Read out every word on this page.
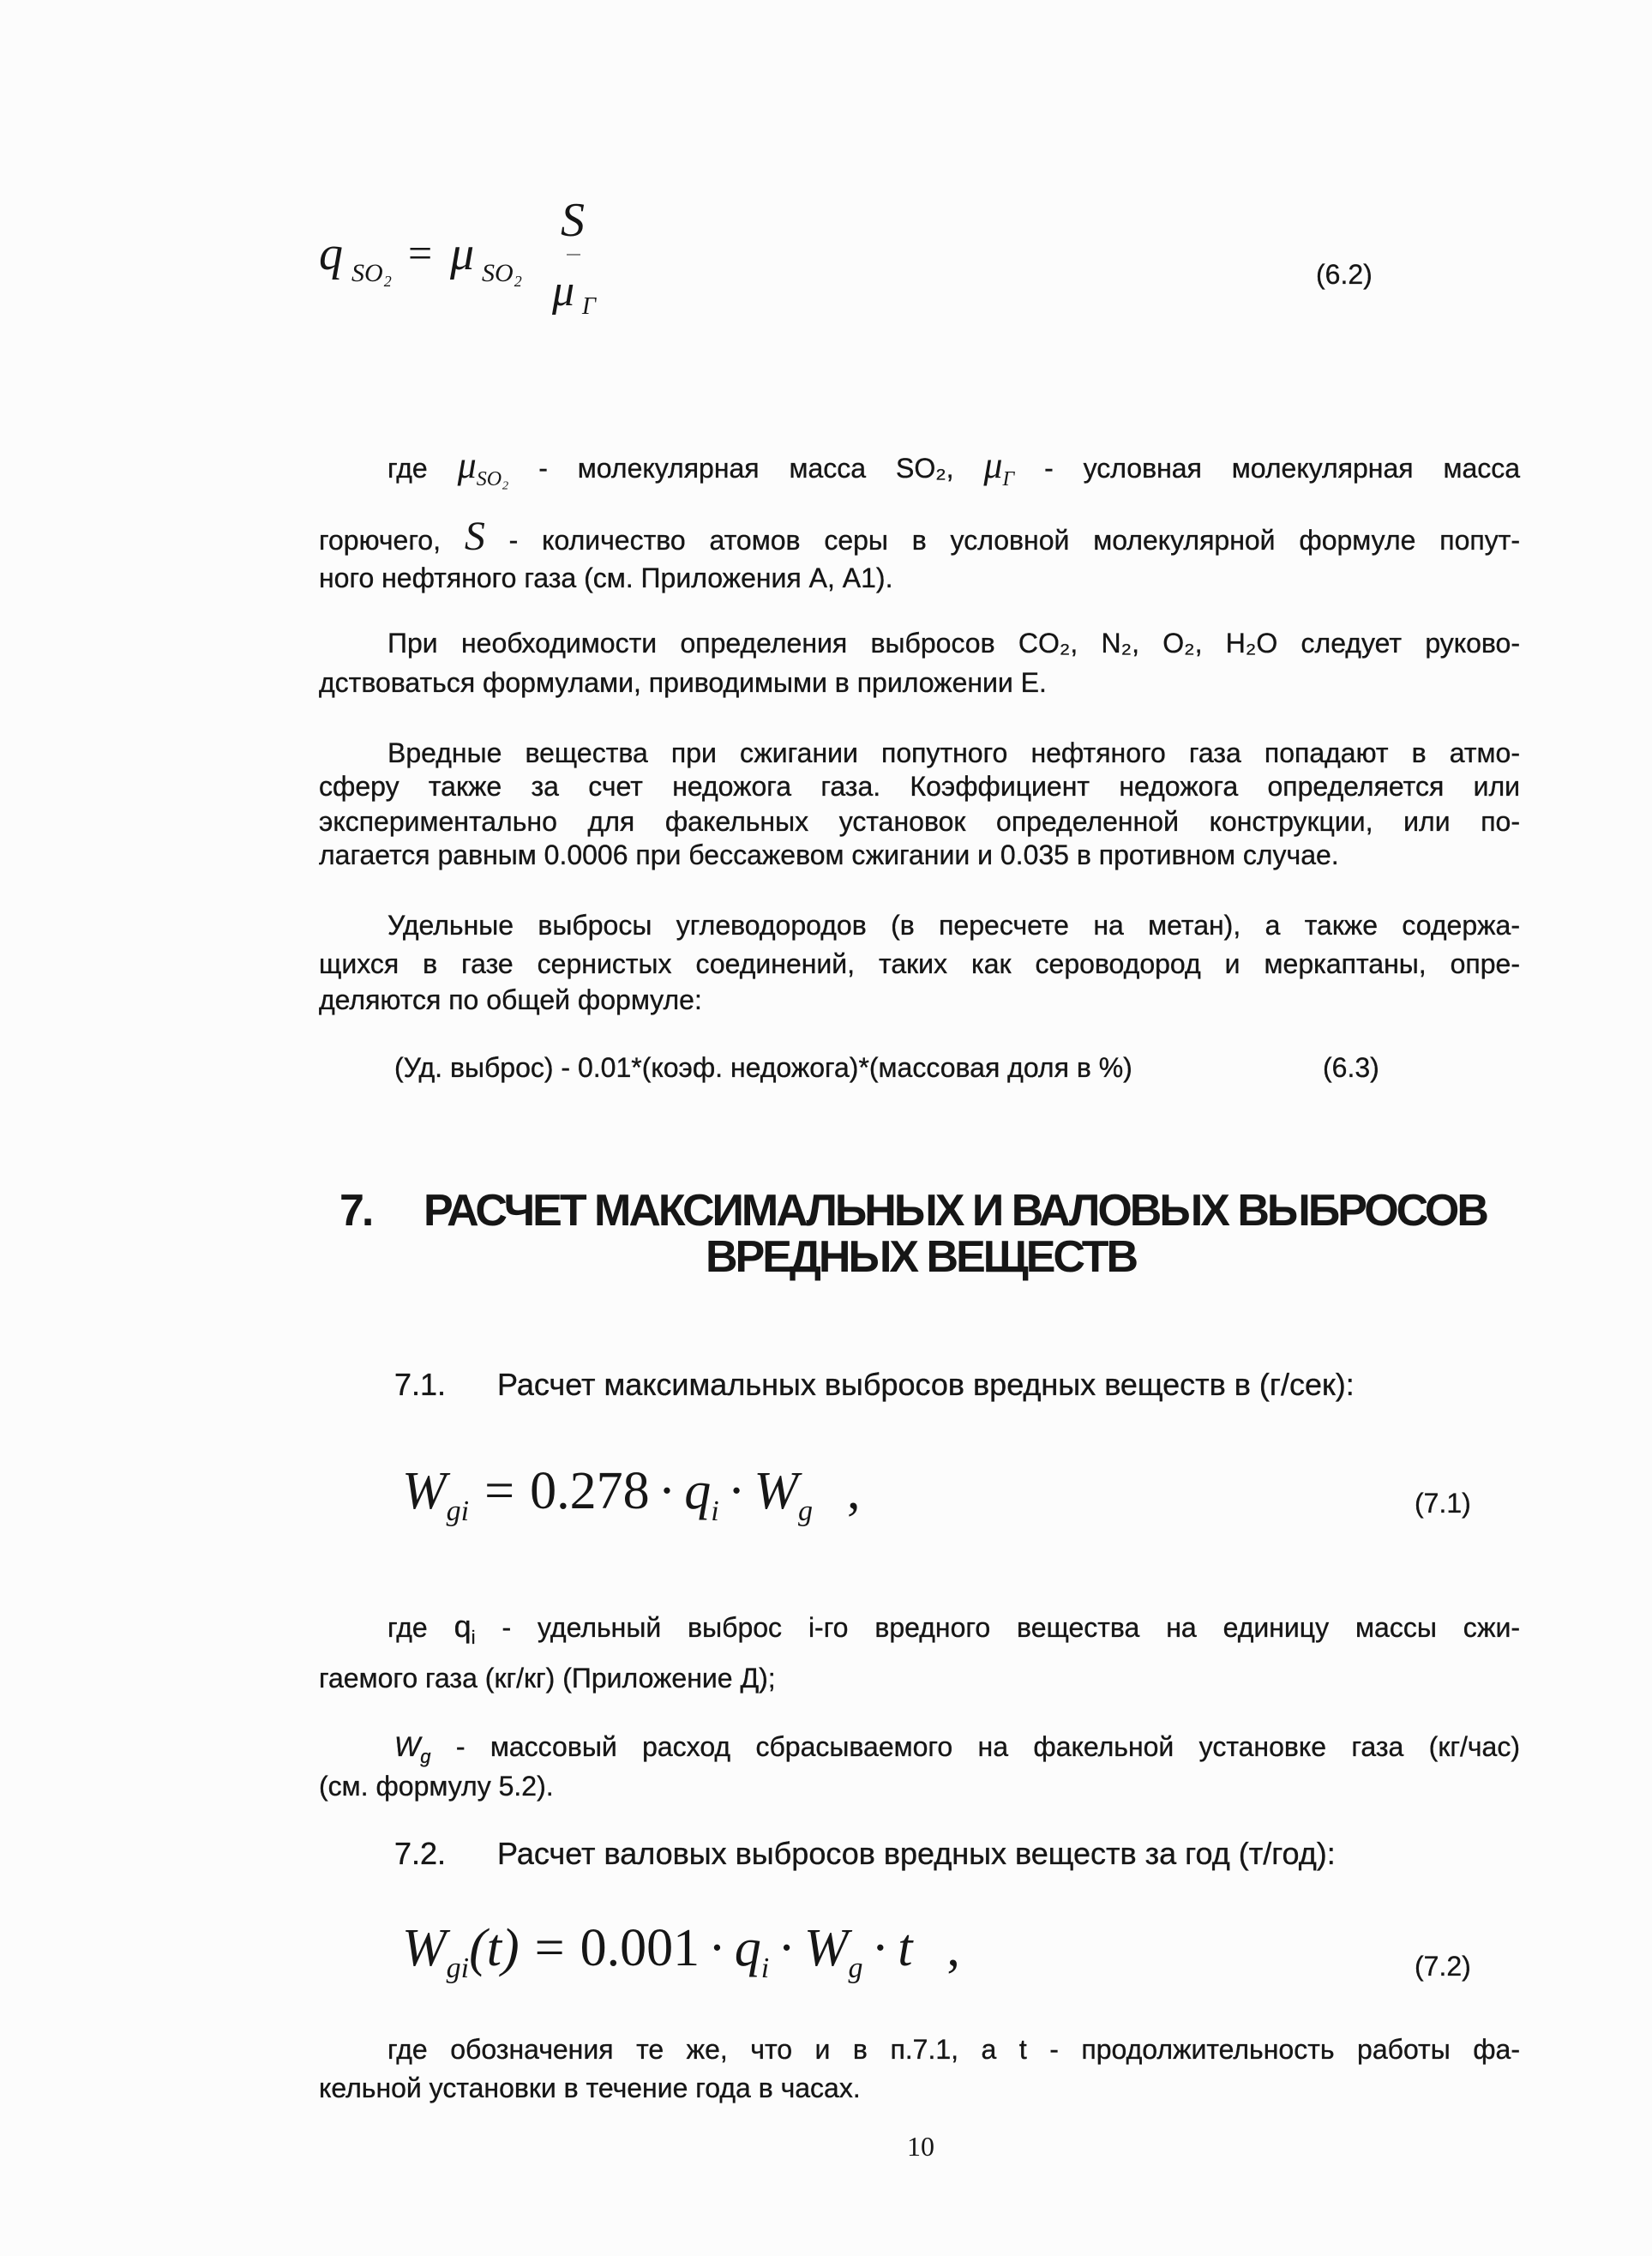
q SO₂ = μ SO₂
S
μ Г
(6.2)
где $\mu_{SO_2}$ - молекулярная масса SO₂, $\mu_Г$ - условная молекулярная масса
горючего, S - количество атомов серы в условной молекулярной формуле попут-
ного нефтяного газа (см. Приложения А, А1).
При необходимости определения выбросов CO₂, N₂, O₂, H₂O следует руково-
дствоваться формулами, приводимыми в приложении Е.
Вредные вещества при сжигании попутного нефтяного газа попадают в атмо-
сферу также за счет недожога газа. Коэффициент недожога определяется или
экспериментально для факельных установок определенной конструкции, или по-
лагается равным 0.0006 при бессажевом сжигании и 0.035 в противном случае.
Удельные выбросы углеводородов (в пересчете на метан), а также содержа-
щихся в газе сернистых соединений, таких как сероводород и меркаптаны, опре-
деляются по общей формуле:
(Уд. выброс) - 0.01*(коэф. недожога)*(массовая доля в %)	(6.3)
7. РАСЧЕТ МАКСИМАЛЬНЫХ И ВАЛОВЫХ ВЫБРОСОВ
ВРЕДНЫХ ВЕЩЕСТВ
7.1. Расчет максимальных выбросов вредных веществ в (г/сек):
$W_{gi} = 0.278 \cdot q_i \cdot W_g$ ,	(7.1)
где $q_i$ - удельный выброс i-го вредного вещества на единицу массы сжи-
гаемого газа (кг/кг) (Приложение Д);
$W_g$ - массовый расход сбрасываемого на факельной установке газа (кг/час)
(см. формулу 5.2).
7.2. Расчет валовых выбросов вредных веществ за год (т/год):
$W_{gi}(t) = 0.001 \cdot q_i \cdot W_g \cdot t$ ,	(7.2)
где обозначения те же, что и в п.7.1, а t - продолжительность работы фа-
кельной установки в течение года в часах.
10
